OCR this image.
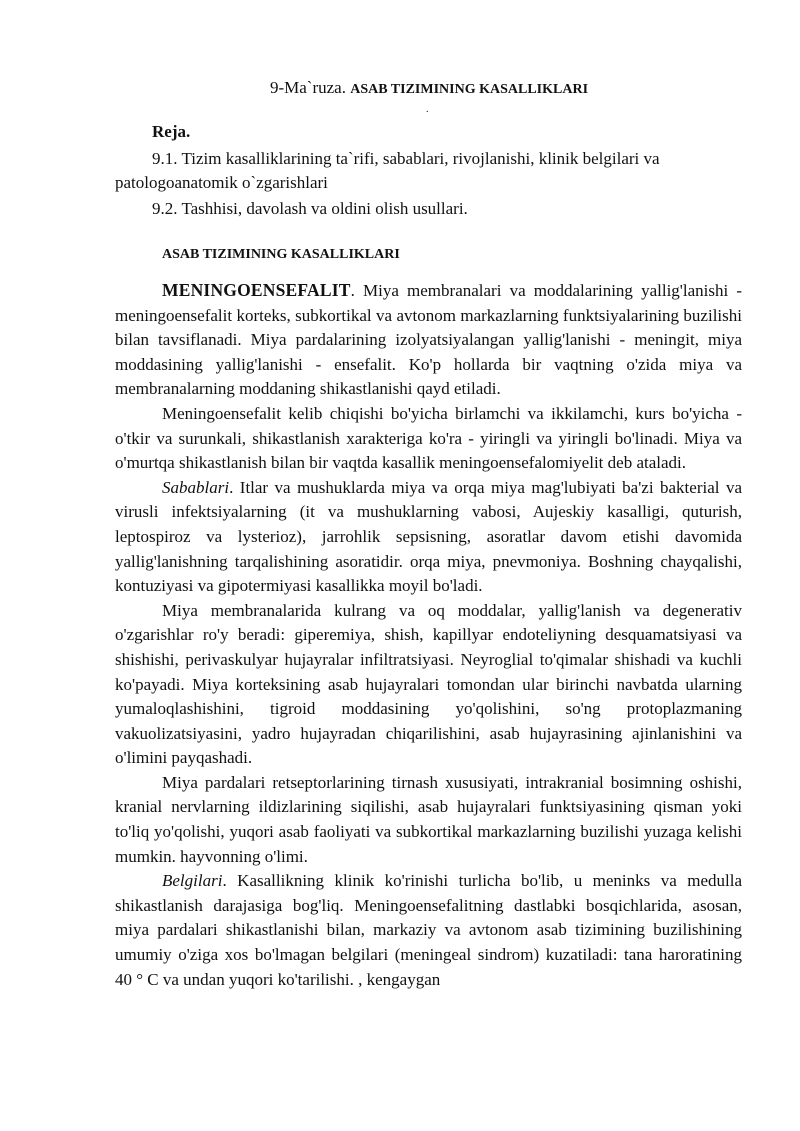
9-Ma`ruza. ASAB TIZIMINING KASALLIKLARI
.
Reja.
9.1. Tizim kasalliklarining ta`rifi, sabablari, rivojlanishi, klinik belgilari va patologoanatomik o`zgarishlari
9.2. Tashhisi, davolash va oldini olish usullari.
ASAB TIZIMINING KASALLIKLARI

MENINGOENSEFALIT. Miya membranalari va moddalarining yallig'lanishi - meningoensefalit korteks, subkortikal va avtonom markazlarning funktsiyalarining buzilishi bilan tavsiflanadi. Miya pardalarining izolyatsiyalangan yallig'lanishi - meningit, miya moddasining yallig'lanishi - ensefalit. Ko'p hollarda bir vaqtning o'zida miya va membranalarning moddaning shikastlanishi qayd etiladi.

Meningoensefalit kelib chiqishi bo'yicha birlamchi va ikkilamchi, kurs bo'yicha - o'tkir va surunkali, shikastlanish xarakteriga ko'ra - yiringli va yiringli bo'linadi. Miya va o'murtqa shikastlanish bilan bir vaqtda kasallik meningoensefalomiyelit deb ataladi.

Sabablari. Itlar va mushuklarda miya va orqa miya mag'lubiyati ba'zi bakterial va virusli infektsiyalarning (it va mushuklarning vabosi, Aujeskiy kasalligi, quturish, leptospiroz va lysterioz), jarrohlik sepsisning, asoratlar davom etishi davomida yallig'lanishning tarqalishining asoratidir. orqa miya, pnevmoniya. Boshning chayqalishi, kontuziyasi va gipotermiyasi kasallikka moyil bo'ladi.

Miya membranalarida kulrang va oq moddalar, yallig'lanish va degenerativ o'zgarishlar ro'y beradi: giperemiya, shish, kapillyar endoteliyning desquamatsiyasi va shishishi, perivaskulyar hujayralar infiltratsiyasi. Neyroglial to'qimalar shishadi va kuchli ko'payadi. Miya korteksining asab hujayralari tomondan ular birinchi navbatda ularning yumaloqlashishini, tigroid moddasining yo'qolishini, so'ng protoplazmaning vakuolizatsiyasini, yadro hujayradan chiqarilishini, asab hujayrasining ajinlanishini va o'limini payqashadi.

Miya pardalari retseptorlarining tirnash xususiyati, intrakranial bosimning oshishi, kranial nervlarning ildizlarining siqilishi, asab hujayralari funktsiyasining qisman yoki to'liq yo'qolishi, yuqori asab faoliyati va subkortikal markazlarning buzilishi yuzaga kelishi mumkin. hayvonning o'limi.

Belgilari. Kasallikning klinik ko'rinishi turlicha bo'lib, u meninks va medulla shikastlanish darajasiga bog'liq. Meningoensefalitning dastlabki bosqichlarida, asosan, miya pardalari shikastlanishi bilan, markaziy va avtonom asab tizimining buzilishining umumiy o'ziga xos bo'lmagan belgilari (meningeal sindrom) kuzatiladi: tana haroratining 40 ° C va undan yuqori ko'tarilishi. , kengaygan
